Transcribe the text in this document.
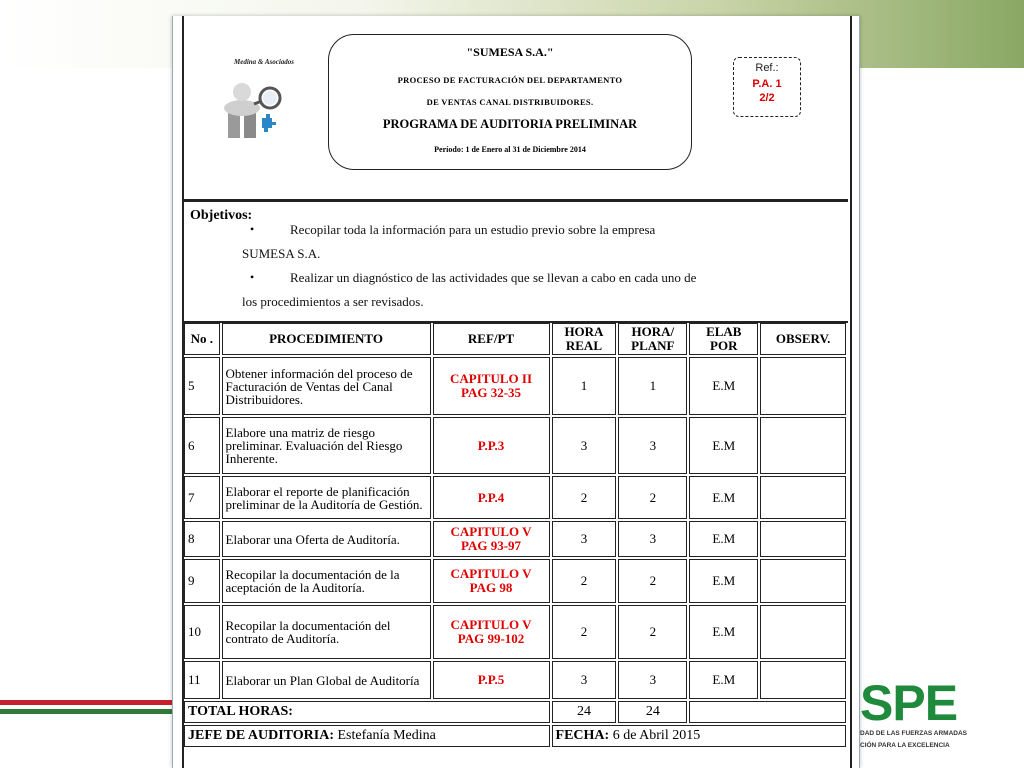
SPE
DAD DE LAS FUERZAS ARMADAS
CIÓN PARA LA EXCELENCIA
Medina & Asociados
"SUMESA S.A."
PROCESO DE FACTURACIÓN DEL DEPARTAMENTO
DE VENTAS CANAL DISTRIBUIDORES.
PROGRAMA DE AUDITORIA PRELIMINAR
Período: 1 de Enero al 31 de Diciembre 2014
Ref.:
P.A. 1
2/2
Objetivos:
•	Recopilar toda la información para un estudio previo sobre la empresa
SUMESA S.A.
•	Realizar un diagnóstico de las actividades que se llevan a cabo en cada uno de
los procedimientos a ser revisados.
No .	PROCEDIMIENTO	REF/PT	HORA REAL	HORA/ PLANF	ELAB POR	OBSERV.
5	Obtener información del proceso de Facturación de Ventas del Canal Distribuidores.	CAPITULO II PAG 32-35	1	1	E.M	
6	Elabore una matriz de riesgo preliminar. Evaluación del Riesgo Inherente.	P.P.3	3	3	E.M	
7	Elaborar el reporte de planificación preliminar de la Auditoría de Gestión.	P.P.4	2	2	E.M	
8	Elaborar una Oferta de Auditoría.	CAPITULO V PAG 93-97	3	3	E.M	
9	Recopilar la documentación de la aceptación de la Auditoría.	CAPITULO V PAG 98	2	2	E.M	
10	Recopilar la documentación del contrato de Auditoría.	CAPITULO V PAG 99-102	2	2	E.M	
11	Elaborar un Plan Global de Auditoría	P.P.5	3	3	E.M	
TOTAL HORAS:			24	24		
JEFE DE AUDITORIA: Estefanía Medina			FECHA: 6 de Abril 2015			
